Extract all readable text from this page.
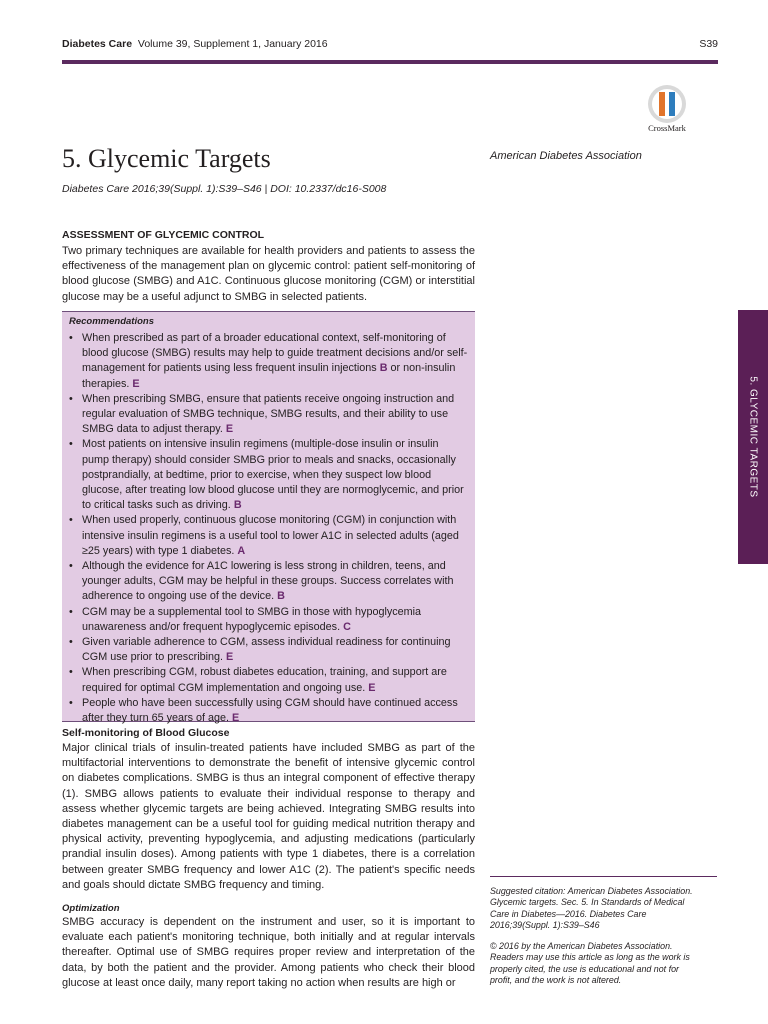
Diabetes Care Volume 39, Supplement 1, January 2016	S39
CrossMark
5. Glycemic Targets	American Diabetes Association
Diabetes Care 2016;39(Suppl. 1):S39–S46 | DOI: 10.2337/dc16-S008
ASSESSMENT OF GLYCEMIC CONTROL
Two primary techniques are available for health providers and patients to assess the effectiveness of the management plan on glycemic control: patient self-monitoring of blood glucose (SMBG) and A1C. Continuous glucose monitoring (CGM) or interstitial glucose may be a useful adjunct to SMBG in selected patients.
Recommendations
• When prescribed as part of a broader educational context, self-monitoring of blood glucose (SMBG) results may help to guide treatment decisions and/or self-management for patients using less frequent insulin injections B or non-insulin therapies. E
• When prescribing SMBG, ensure that patients receive ongoing instruction and regular evaluation of SMBG technique, SMBG results, and their ability to use SMBG data to adjust therapy. E
• Most patients on intensive insulin regimens (multiple-dose insulin or insulin pump therapy) should consider SMBG prior to meals and snacks, occasionally postprandially, at bedtime, prior to exercise, when they suspect low blood glucose, after treating low blood glucose until they are normoglycemic, and prior to critical tasks such as driving. B
• When used properly, continuous glucose monitoring (CGM) in conjunction with intensive insulin regimens is a useful tool to lower A1C in selected adults (aged ≥25 years) with type 1 diabetes. A
• Although the evidence for A1C lowering is less strong in children, teens, and younger adults, CGM may be helpful in these groups. Success correlates with adherence to ongoing use of the device. B
• CGM may be a supplemental tool to SMBG in those with hypoglycemia unawareness and/or frequent hypoglycemic episodes. C
• Given variable adherence to CGM, assess individual readiness for continuing CGM use prior to prescribing. E
• When prescribing CGM, robust diabetes education, training, and support are required for optimal CGM implementation and ongoing use. E
• People who have been successfully using CGM should have continued access after they turn 65 years of age. E
Self-monitoring of Blood Glucose
Major clinical trials of insulin-treated patients have included SMBG as part of the multifactorial interventions to demonstrate the benefit of intensive glycemic control on diabetes complications. SMBG is thus an integral component of effective therapy (1). SMBG allows patients to evaluate their individual response to therapy and assess whether glycemic targets are being achieved. Integrating SMBG results into diabetes management can be a useful tool for guiding medical nutrition therapy and physical activity, preventing hypoglycemia, and adjusting medications (particularly prandial insulin doses). Among patients with type 1 diabetes, there is a correlation between greater SMBG frequency and lower A1C (2). The patient's specific needs and goals should dictate SMBG frequency and timing.
Optimization
SMBG accuracy is dependent on the instrument and user, so it is important to evaluate each patient's monitoring technique, both initially and at regular intervals thereafter. Optimal use of SMBG requires proper review and interpretation of the data, by both the patient and the provider. Among patients who check their blood glucose at least once daily, many report taking no action when results are high or
5. GLYCEMIC TARGETS
Suggested citation: American Diabetes Association. Glycemic targets. Sec. 5. In Standards of Medical Care in Diabetes—2016. Diabetes Care 2016;39(Suppl. 1):S39–S46
© 2016 by the American Diabetes Association. Readers may use this article as long as the work is properly cited, the use is educational and not for profit, and the work is not altered.
